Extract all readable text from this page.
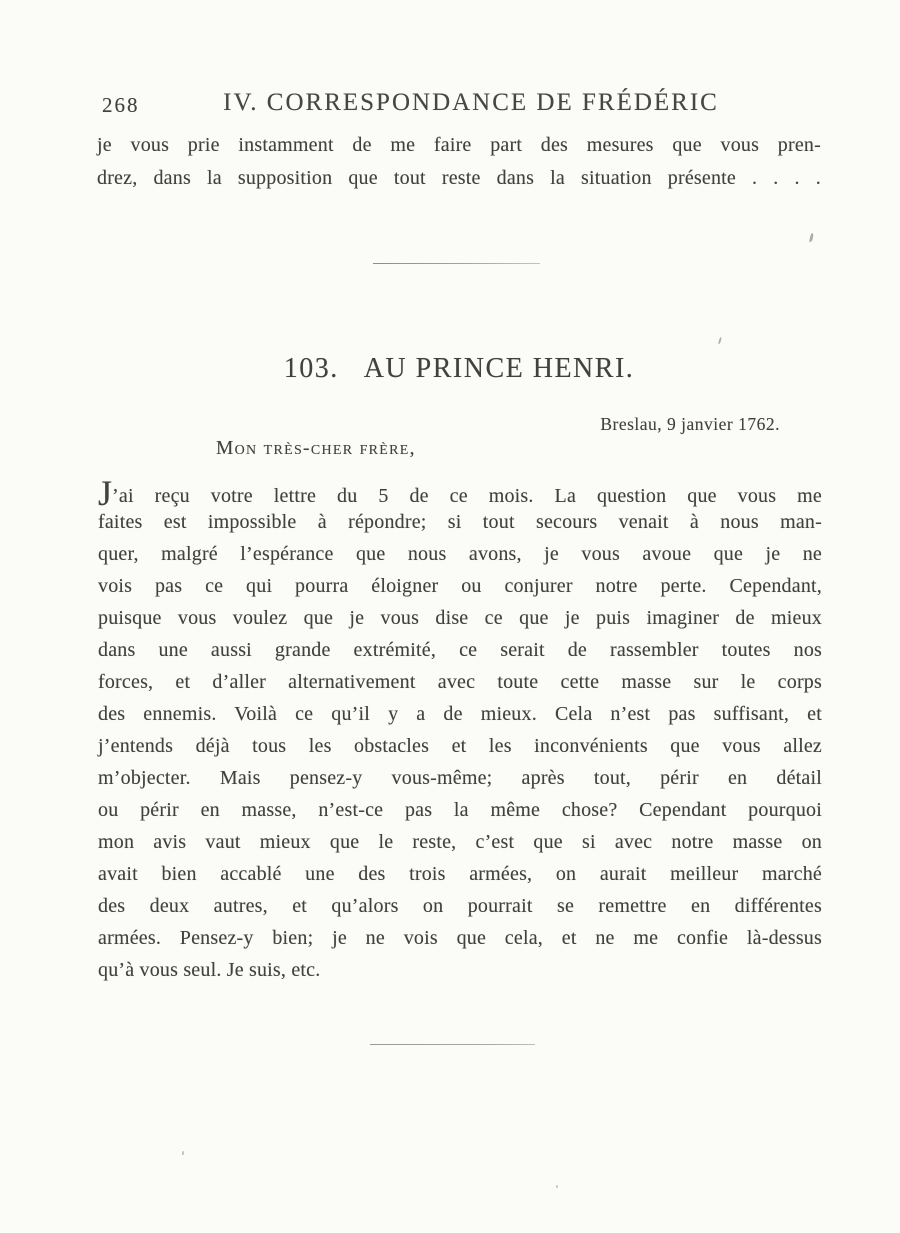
268	IV. CORRESPONDANCE DE FRÉDÉRIC
je vous prie instamment de me faire part des mesures que vous pren-
drez, dans la supposition que tout reste dans la situation présente . . . .
103. AU PRINCE HENRI.
Breslau, 9 janvier 1762.
Mon très-cher frère,
J’ai reçu votre lettre du 5 de ce mois. La question que vous me
faites est impossible à répondre; si tout secours venait à nous man-
quer, malgré l’espérance que nous avons, je vous avoue que je ne
vois pas ce qui pourra éloigner ou conjurer notre perte. Cependant,
puisque vous voulez que je vous dise ce que je puis imaginer de mieux
dans une aussi grande extrémité, ce serait de rassembler toutes nos
forces, et d’aller alternativement avec toute cette masse sur le corps
des ennemis. Voilà ce qu’il y a de mieux. Cela n’est pas suffisant, et
j’entends déjà tous les obstacles et les inconvénients que vous allez
m’objecter. Mais pensez-y vous-même; après tout, périr en détail
ou périr en masse, n’est-ce pas la même chose? Cependant pourquoi
mon avis vaut mieux que le reste, c’est que si avec notre masse on
avait bien accablé une des trois armées, on aurait meilleur marché
des deux autres, et qu’alors on pourrait se remettre en différentes
armées. Pensez-y bien; je ne vois que cela, et ne me confie là-dessus
qu’à vous seul. Je suis, etc.
